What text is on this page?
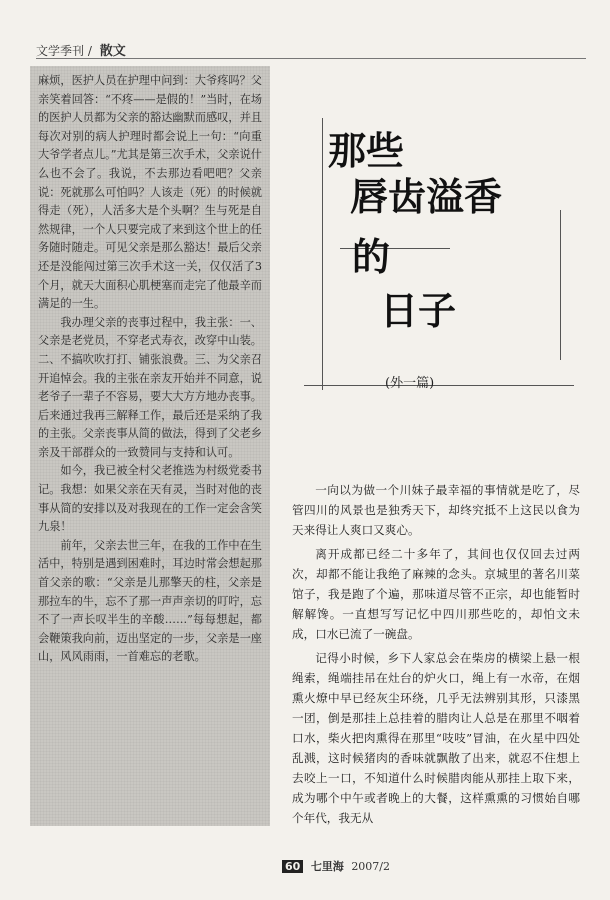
文学季刊 / 散文

麻烦，医护人员在护理中问到：大爷疼吗？父亲笑着回答：“不疼——是假的！”当时，在场的医护人员都为父亲的豁达幽默而感叹，并且每次对别的病人护理时都会说上一句：“向重大爷学者点儿。”尤其是第三次手术，父亲说什么也不会了。我说，不去那边看吧吧？父亲说：死就那么可怕吗？人该走（死）的时候就得走（死），人活多大是个头啊？生与死是自然规律，一个人只要完成了来到这个世上的任务随时随走。可见父亲是那么豁达！最后父亲还是没能闯过第三次手术这一关，仅仅活了3个月，就天大面积心肌梗塞而走完了他最辛而满足的一生。

我办理父亲的丧事过程中，我主张：一、父亲是老党员，不穿老式寿衣，改穿中山装。二、不搞吹吹打打、铺张浪费。三、为父亲召开追悼会。我的主张在亲友开始并不同意，说老爷子一辈子不容易，要大大方方地办丧事。后来通过我再三解释工作，最后还是采纳了我的主张。父亲丧事从简的做法，得到了父老乡亲及干部群众的一致赞同与支持和认可。

如今，我已被全村父老推选为村级党委书记。我想：如果父亲在天有灵，当时对他的丧事从简的安排以及对我现在的工作一定会含笑九泉！

前年，父亲去世三年，在我的工作中在生活中，特别是遇到困难时，耳边时常会想起那首父亲的歌：“父亲是儿那擎天的柱，父亲是那拉车的牛，忘不了那一声声亲切的叮咛，忘不了一声长叹半生的辛酸……”每每想起，都会鞭策我向前，迈出坚定的一步，父亲是一座山，风风雨雨，一首难忘的老歌。

那些
唇齿溢香
的
日子
(外一篇)

一向以为做一个川妹子最幸福的事情就是吃了，尽管四川的风景也是独秀天下，却终究抵不上这民以食为天来得让人爽口又爽心。

离开成都已经二十多年了，其间也仅仅回去过两次，却都不能让我绝了麻辣的念头。京城里的著名川菜馆子，我是跑了个遍，那味道尽管不正宗，却也能暂时解解馋。一直想写写记忆中四川那些吃的，却怕文未成，口水已流了一碗盘。

记得小时候，乡下人家总会在柴房的横梁上悬一根绳索，绳端挂吊在灶台的炉火口，绳上有一水帝，在烟熏火燎中早已经灰尘环绕，几乎无法辨别其形，只漆黑一团，倒是那挂上总挂着的腊肉让人总是在那里不咽着口水，柴火把肉熏得在那里“吱吱”冒油，在火星中四处乱溅，这时候猪肉的香味就飘散了出来，就忍不住想上去咬上一口，不知道什么时候腊肉能从那挂上取下来，成为哪个中午或者晚上的大餐，这样熏熏的习惯始自哪个年代，我无从

60 七里海 2007/2
